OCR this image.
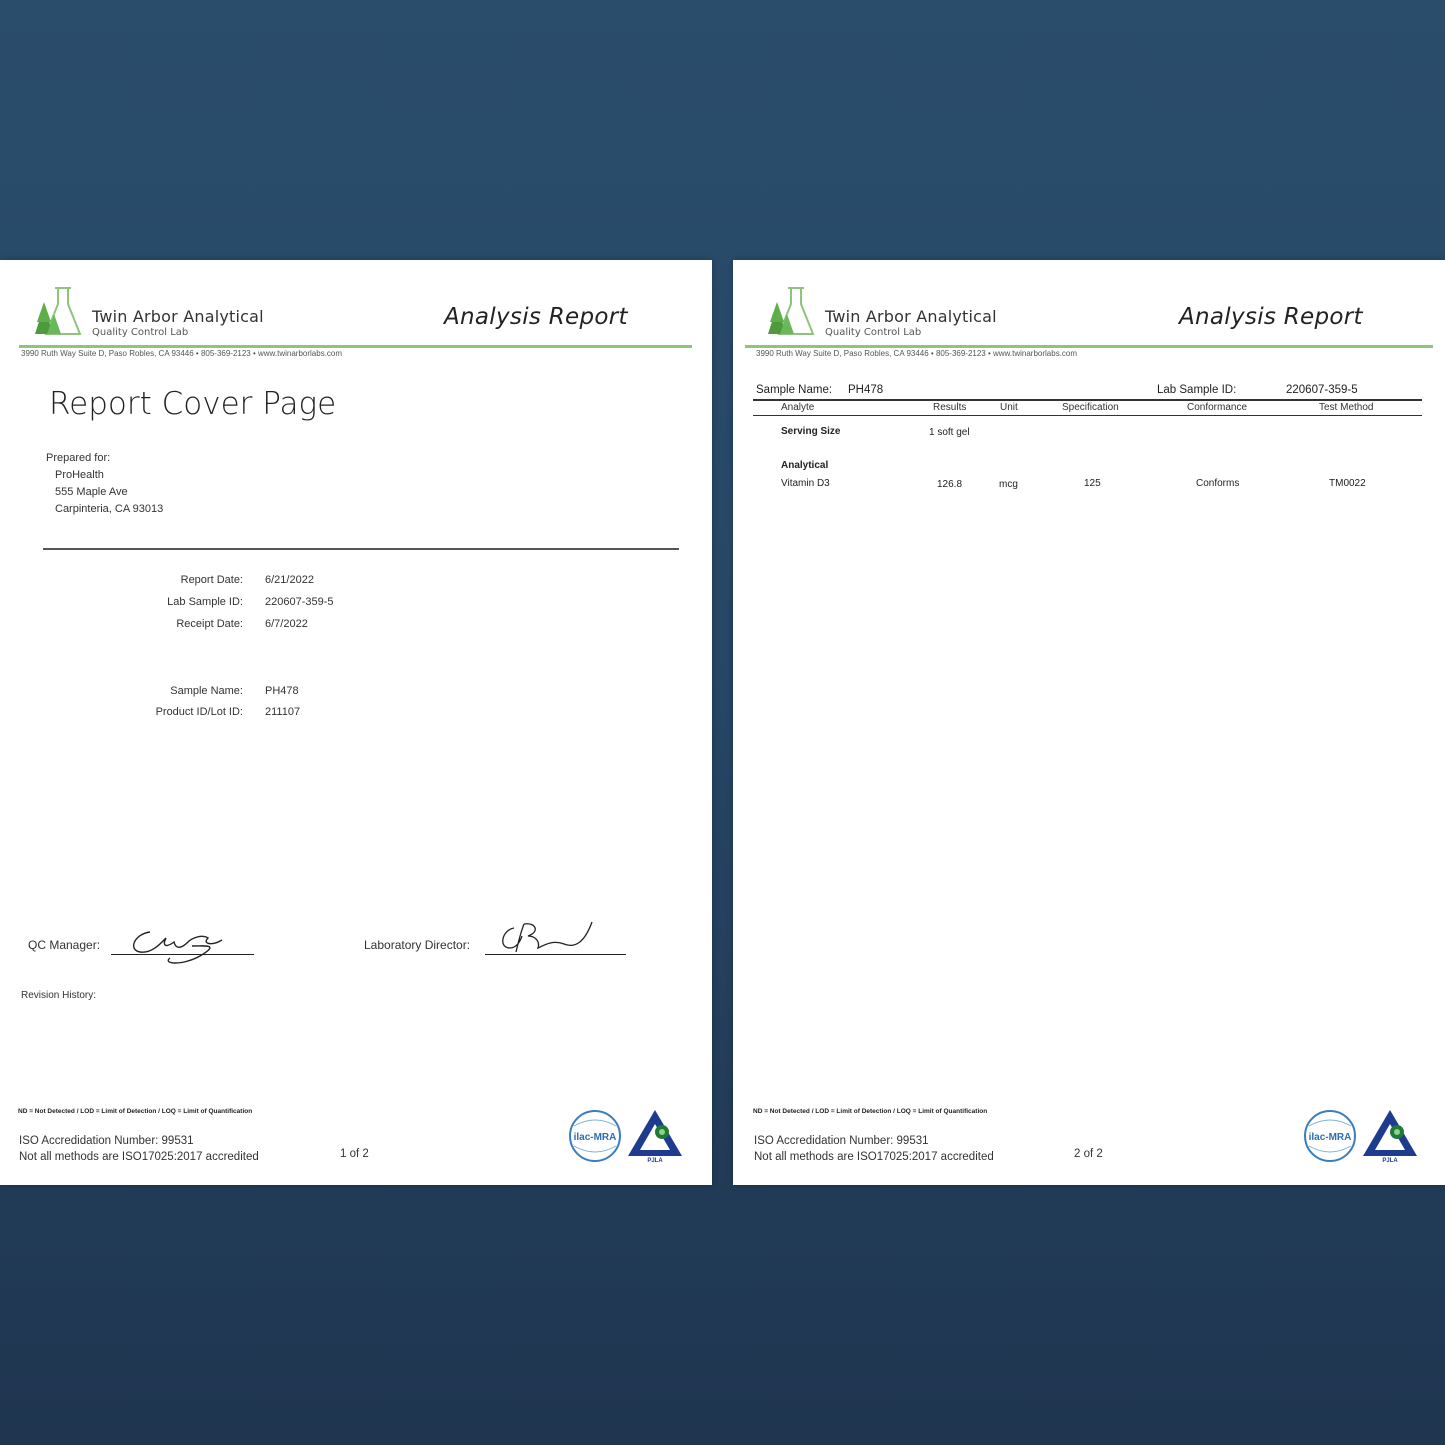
Twin Arbor Analytical
Quality Control Lab
Analysis Report
3990 Ruth Way Suite D, Paso Robles, CA 93446 • 805-369-2123 • www.twinarborlabs.com
Report Cover Page
Prepared for:
ProHealth
555 Maple Ave
Carpinteria, CA 93013
Report Date: 6/21/2022
Lab Sample ID: 220607-359-5
Receipt Date: 6/7/2022
Sample Name: PH478
Product ID/Lot ID: 211107
QC Manager:	Laboratory Director:
Revision History:
ND = Not Detected / LOD = Limit of Detection / LOQ = Limit of Quantification
ISO Accredidation Number: 99531
Not all methods are ISO17025:2017 accredited	1 of 2
ilac-MRA
PJLA
Twin Arbor Analytical
Quality Control Lab
Analysis Report
3990 Ruth Way Suite D, Paso Robles, CA 93446 • 805-369-2123 • www.twinarborlabs.com
Sample Name: PH478	Lab Sample ID:	220607-359-5
Analyte	Results	Unit	Specification	Conformance	Test Method
Serving Size	1 soft gel
Analytical
Vitamin D3	126.8	mcg	125	Conforms	TM0022
ND = Not Detected / LOD = Limit of Detection / LOQ = Limit of Quantification
ISO Accredidation Number: 99531
Not all methods are ISO17025:2017 accredited	2 of 2
ilac-MRA
PJLA
